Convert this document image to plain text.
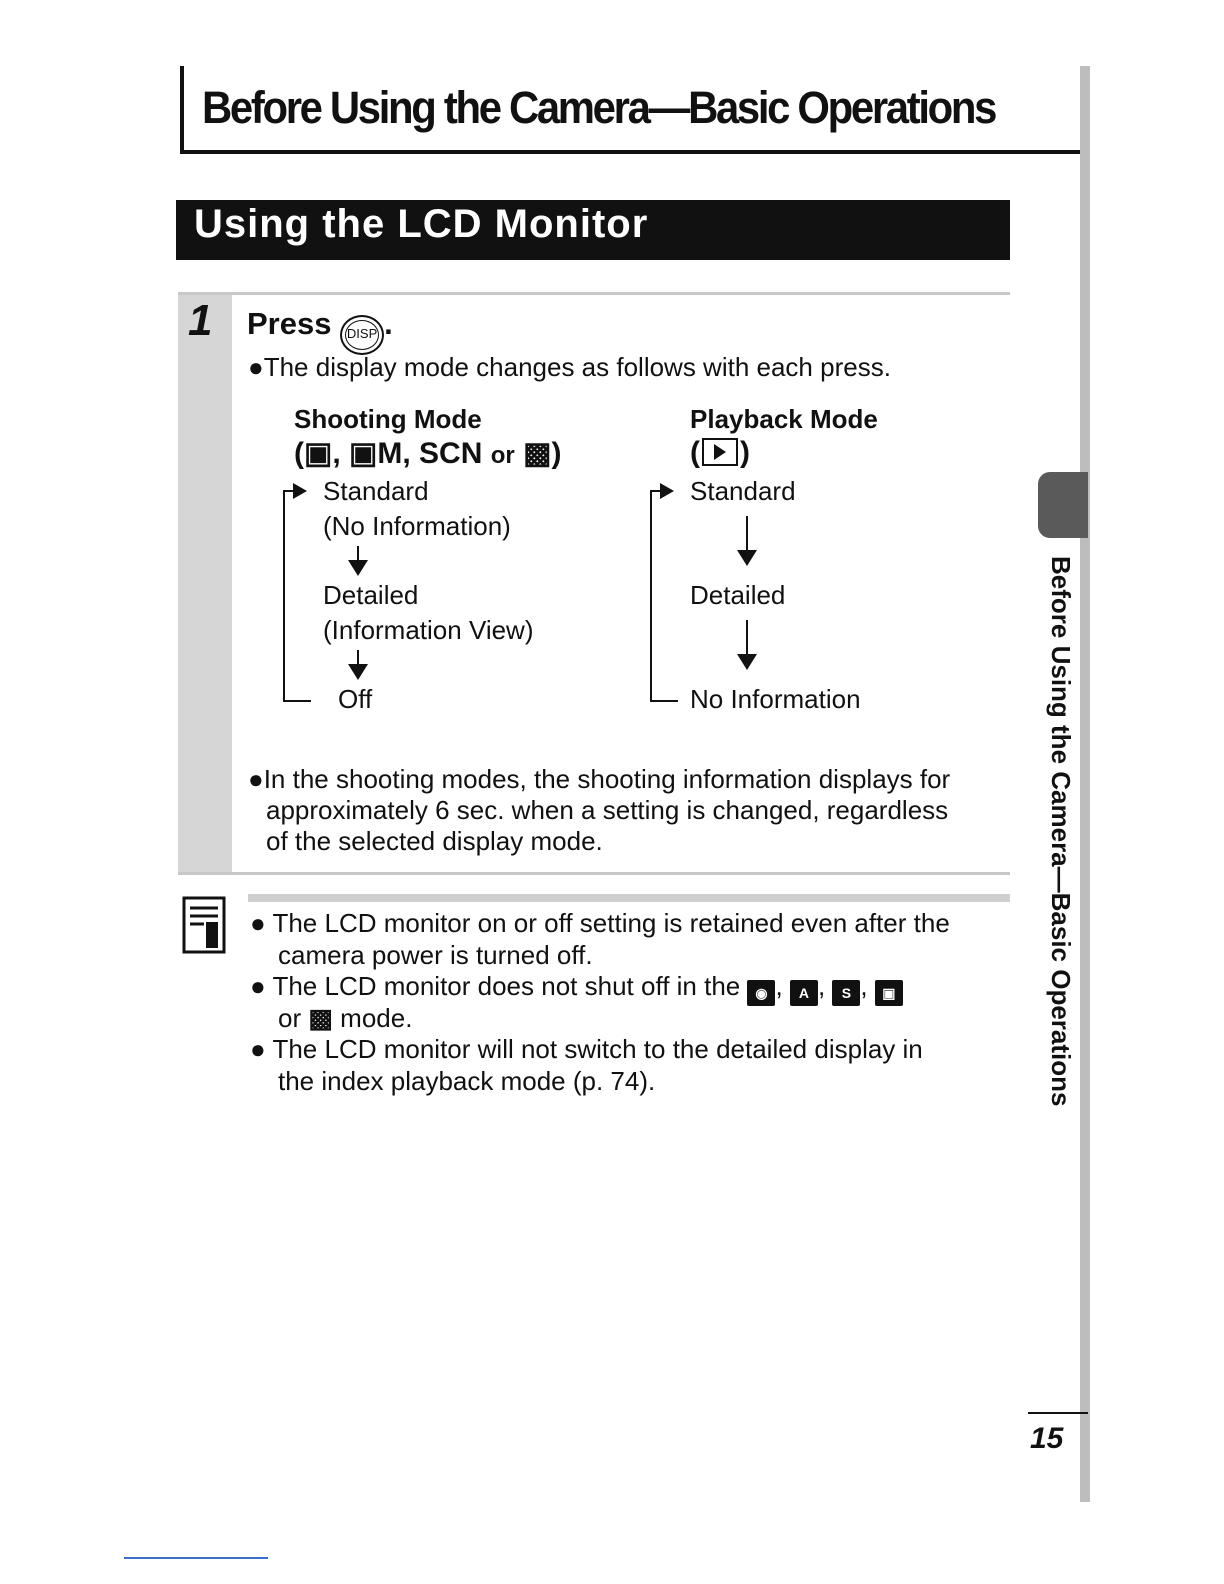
Before Using the Camera—Basic Operations
Using the LCD Monitor
1 Press DISP .
●The display mode changes as follows with each press.
Shooting Mode
(▣, ▣M, SCN or ▩)
Standard
(No Information)
Detailed
(Information View)
Off
Playback Mode
( )
Standard
Detailed
No Information
●In the shooting modes, the shooting information displays for
approximately 6 sec. when a setting is changed, regardless
of the selected display mode.
● The LCD monitor on or off setting is retained even after the
camera power is turned off.
● The LCD monitor does not shut off in the ◉ , A , S , ▣
or ▩ mode.
● The LCD monitor will not switch to the detailed display in
the index playback mode (p. 74).	Before Using the Camera—Basic Operations
15
